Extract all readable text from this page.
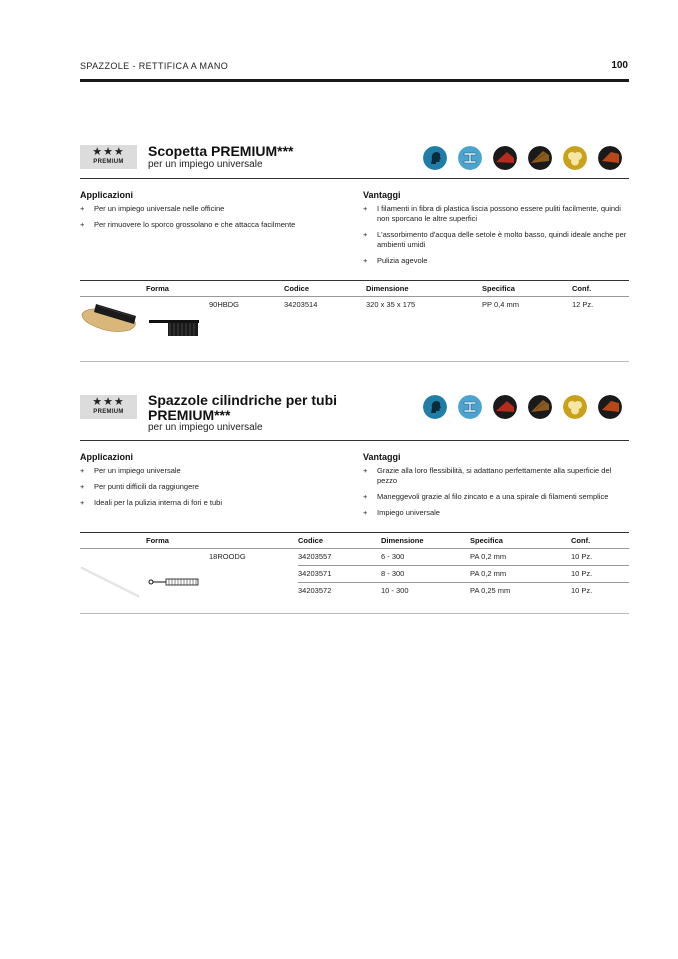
SPAZZOLE - RETTIFICA A MANO	100
★★★
PREMIUM
Scopetta PREMIUM***
per un impiego universale
Applicazioni
+ Per un impiego universale nelle officine
+ Per rimuovere lo sporco grossolano e che attacca facilmente
Vantaggi
+ I filamenti in fibra di plastica liscia possono essere puliti facilmente, quindi non sporcano le altre superfici
+ L'assorbimento d'acqua delle setole è molto basso, quindi ideale anche per ambienti umidi
+ Pulizia agevole
Forma	Codice	Dimensione	Specifica	Conf.
90HBDG	34203514	320 x 35 x 175	PP 0,4 mm	12 Pz.
★★★
PREMIUM
Spazzole cilindriche per tubi PREMIUM***
per un impiego universale
Applicazioni
+ Per un impiego universale
+ Per punti difficili da raggiungere
+ Ideali per la pulizia interna di fori e tubi
Vantaggi
+ Grazie alla loro flessibilità, si adattano perfettamente alla superficie del pezzo
+ Maneggevoli grazie al filo zincato e a una spirale di filamenti semplice
+ Impiego universale
Forma	Codice	Dimensione	Specifica	Conf.
18ROODG	34203557	6 - 300	PA 0,2 mm	10 Pz.
34203571	8 - 300	PA 0,2 mm	10 Pz.
34203572	10 - 300	PA 0,25 mm	10 Pz.
